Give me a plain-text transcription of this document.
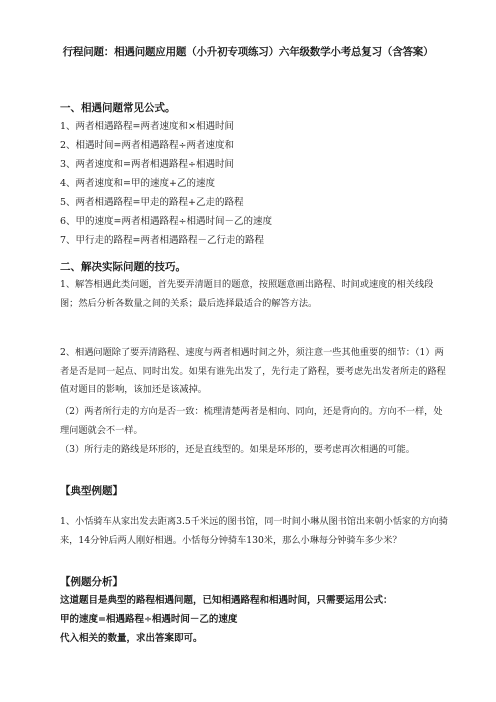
行程问题：相遇问题应用题（小升初专项练习）六年级数学小考总复习（含答案）
一、相遇问题常见公式。
1、两者相遇路程=两者速度和×相遇时间
2、相遇时间=两者相遇路程÷两者速度和
3、两者速度和=两者相遇路程÷相遇时间
4、两者速度和=甲的速度+乙的速度
5、两者相遇路程=甲走的路程+乙走的路程
6、甲的速度=两者相遇路程÷相遇时间－乙的速度
7、甲行走的路程=两者相遇路程－乙行走的路程
二、解决实际问题的技巧。
1、解答相遇此类问题，首先要弄清题目的题意，按照题意画出路程、时间或速度的相关线段图；然后分析各数量之间的关系；最后选择最适合的解答方法。
2、相遇问题除了要弄清路程、速度与两者相遇时间之外，须注意一些其他重要的细节：（1）两者是否是同一起点、同时出发。如果有谁先出发了，先行走了路程，要考虑先出发者所走的路程值对题目的影响，该加还是该减掉。
（2）两者所行走的方向是否一致：梳理清楚两者是相向、同向，还是背向的。方向不一样，处理问题就会不一样。
（3）所行走的路线是环形的，还是直线型的。如果是环形的，要考虑再次相遇的可能。
【典型例题】
1、小恬骑车从家出发去距离3.5千米远的图书馆，同一时间小琳从图书馆出来朝小恬家的方向骑来，14分钟后两人刚好相遇。小恬每分钟骑车130米，那么小琳每分钟骑车多少米？
【例题分析】
这道题目是典型的路程相遇问题，已知相遇路程和相遇时间，只需要运用公式：
甲的速度=相遇路程÷相遇时间－乙的速度
代入相关的数量，求出答案即可。
